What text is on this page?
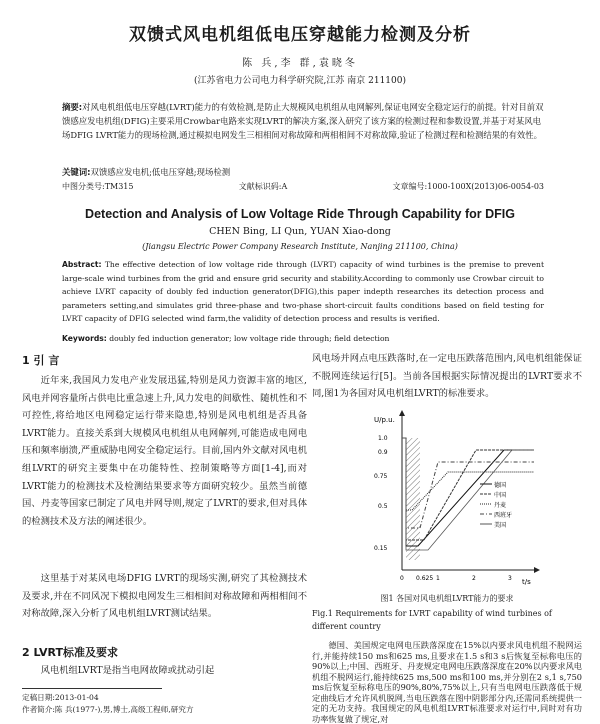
双馈式风电机组低电压穿越能力检测及分析
陈 兵,李 群,袁晓冬
(江苏省电力公司电力科学研究院,江苏 南京 211100)
摘要:对风电机组低电压穿越(LVRT)能力的有效检测,是防止大规模风电机组从电网解列,保证电网安全稳定运行的前提。针对目前双馈感应发电机组(DFIG)主要采用Crowbar电路来实现LVRT的解决方案,深入研究了该方案的检测过程和参数设置,并基于对某风电场DFIG LVRT能力的现场检测,通过模拟电网发生三相相间对称故障和两相相间不对称故障,验证了检测过程和检测结果的有效性。
关键词:双馈感应发电机;低电压穿越;现场检测
中图分类号:TM315	文献标识码:A	文章编号:1000-100X(2013)06-0054-03
Detection and Analysis of Low Voltage Ride Through Capability for DFIG
CHEN Bing, LI Qun, YUAN Xiao-dong
(Jiangsu Electric Power Company Research Institute, Nanjing 211100, China)
Abstract: The effective detection of low voltage ride through (LVRT) capacity of wind turbines is the premise to prevent large-scale wind turbines from the grid and ensure grid security and stability.According to commonly use Crowbar circuit to achieve LVRT capacity of doubly fed induction generator(DFIG),this paper indepth researches its detection process and parameters setting,and simulates grid three-phase and two-phase short-circuit faults conditions based on field testing for LVRT capacity of DFIG selected wind farm,the validity of detection process and results is verified.
Keywords: doubly fed induction generator; low voltage ride through; field detection
1 引 言
近年来,我国风力发电产业发展迅猛,特别是风力资源丰富的地区,风电并网容量所占供电比重急速上升,风力发电的间歇性、随机性和不可控性,将给地区电网稳定运行带来隐患,特别是风电机组是否具备LVRT能力。直接关系到大规模风电机组从电网解列,可能造成电网电压和频率崩溃,严重威胁电网安全稳定运行。目前,国内外文献对风电机组LVRT的研究主要集中在功能特性、控制策略等方面[1-4],而对LVRT能力的检测技术及检测结果要求等方面研究较少。虽然当前德国、丹麦等国家已制定了风电并网导则,规定了LVRT的要求,但对具体的检测技术及方法的阐述很少。
这里基于对某风电场DFIG LVRT的现场实测,研究了其检测技术及要求,并在不同风况下模拟电网发生三相相间对称故障和两相相间不对称故障,深入分析了风电机组LVRT测试结果。
2 LVRT标准及要求
风电机组LVRT是指当电网故障或扰动引起
风电场并网点电压跌落时,在一定电压跌落范围内,风电机组能保证不脱网连续运行[5]。当前各国根据实际情况提出的LVRT要求不同,图1为各国对风电机组LVRT的标准要求。
U/p.u.
t/s
1.0
0.9
0.75
0.5
0.15
0 0.625 1	2	3
德国
中国
丹麦
西班牙
美国
图1 各国对风电机组LVRT能力的要求
Fig.1 Requirements for LVRT capability of wind turbines of different country
德国、美国规定电网电压跌落深度在15%以内要求风电机组不脱网运行,并能持续150 ms和625 ms,且要求在1.5 s和3 s后恢复至标称电压的90%以上;中国、西班牙、丹麦规定电网电压跌落深度在20%以内要求风电机组不脱网运行,能持续625 ms,500 ms和100 ms,并分别在2 s,1 s,750 ms后恢复至标称电压的90%,80%,75%以上,只有当电网电压跌落低于规定曲线后才允许风机脱网,当电压跌落在图中阴影部分内,还需同系统提供一定的无功支持。我国规定的风电机组LVRT标准要求对运行中,同时对有功功率恢复做了规定,对
定稿日期:2013-01-04
作者简介:陈 兵(1977-),男,博士,高级工程师,研究方
